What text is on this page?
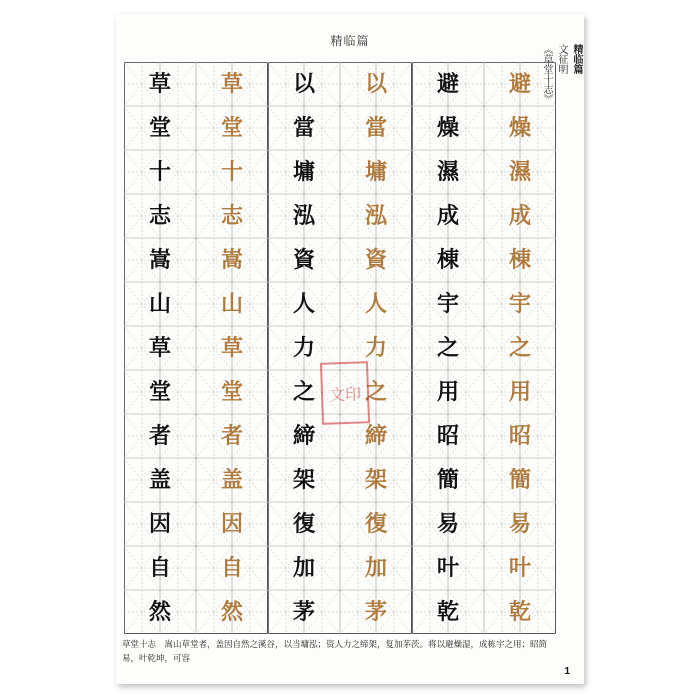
精临篇
精临篇
文征明
《草堂十志》
草
堂
十
志
嵩
山
草
堂
者
盖
因
自
然
草
堂
十
志
嵩
山
草
堂
者
盖
因
自
然
以
當
墉
泓
資
人
力
之
締
架
復
加
茅
以
當
墉
泓
資
人
力
之
締
架
復
加
茅
避
燥
濕
成
棟
宇
之
用
昭
簡
易
叶
乾
避
燥
濕
成
棟
宇
之
用
昭
簡
易
叶
乾
文印
草堂十志　嵩山草堂者，盖因自然之溪谷，以当墉泓；资人力之缔架，复加茅茨。将以避燥湿，成栋宇之用；昭简易，叶乾坤，可容
1
